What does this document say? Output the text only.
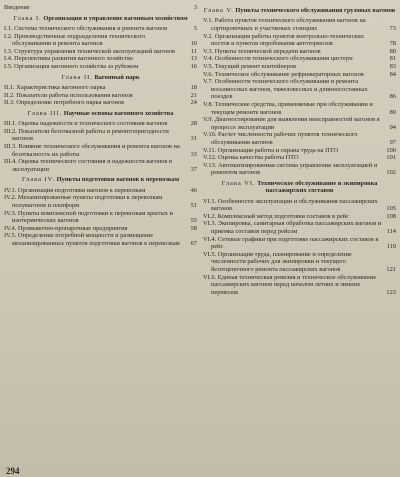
Введение	3
Глава I. Организация и управление вагонным хозяйством
I.1. Система технического обслуживания и ремонта вагонов	5
I.2. Производственные подразделения технического обслуживания и ремонта вагонов	10
I.3. Структура управления технической эксплуатацией вагонов	11
I.4. Перспективы развития вагонного хозяйства	13
I.5. Организация вагонного хозяйства за рубежом	16
Глава II. Вагонный парк
II.1. Характеристика вагонного парка	18
II.2. Показатели работы использования вагонов	21
II.3. Определение потребного парка вагонов	24
Глава III. Научные основы вагонного хозяйства
III.1. Оценка надежности и технического состояния вагонов	28
III.2. Показатели безотказной работы и ремонтопригодности вагонов	31
III.3. Влияние технического обслуживания и ремонта вагонов на безотказность их работы	33
III.4. Оценка технического состояния и надежности вагонов в эксплуатации	37
Глава IV. Пункты подготовки вагонов к перевозкам
IV.1. Организация подготовки вагонов к перевозкам	46
IV.2. Механизированные пункты подготовки к перевозкам полувагонов и платформ	51
IV.3. Пункты комплексной подготовки к перевозкам крытых и изотермических вагонов	55
IV.4. Промывочно-пропарочные предприятия	58
IV.5. Определение потребной мощности и размещение механизированных пунктов подготовки вагонов к перевозкам	67
Глава V. Пункты технического обслуживания грузовых вагонов
V.1. Работа пунктов технического обслуживания вагонов на сортировочных и участковых станциях	73
V.2. Организация работы пунктов контрольно-технических постов и пунктов опробования автотормозов	78
V.3. Пункты технической передачи вагонов	80
V.4. Особенности технического обслуживания цистерн	81
V.5. Текущий ремонт контейнеров	83
V.6. Техническое обслуживание рефрижераторных вагонов	84
V.7. Особенности технического обслуживания и ремонта восьмиосных вагонов, тяжеловесных и длинносоставных поездов	86
V.8. Технические средства, применяемые при обслуживании и текущем ремонте вагонов	89
V.9. Диагностирование для выявления неисправностей вагонов в процессе эксплуатации	94
V.10. Расчет численности рабочих пунктов технического обслуживания вагонов	97
V.11. Организация работы и охрана труда на ПТО	100
V.12. Оценка качества работы ПТО	101
V.13. Автоматизированная система управления эксплуатацией и ремонтом вагонов	102
Глава VI. Техническое обслуживание и экипировка пассажирских составов
VI.1. Особенности эксплуатации и обслуживания пассажирских вагонов	105
VI.2. Комплексный метод подготовки составов в рейс	108
VI.3. Экипировка, санитарная обработка пассажирских вагонов и приемка составов перед рейсом	114
VI.4. Сетевые графики при подготовке пассажирских составов в рейс	119
VI.5. Организация труда, планирование и определение численности рабочих для экипировки и текущего безотцепочного ремонта пассажирских вагонов	121
VI.6. Единая техническая ревизия и техническое обслуживание пассажирских вагонов перед началом летних и зимних перевозок	123
294
